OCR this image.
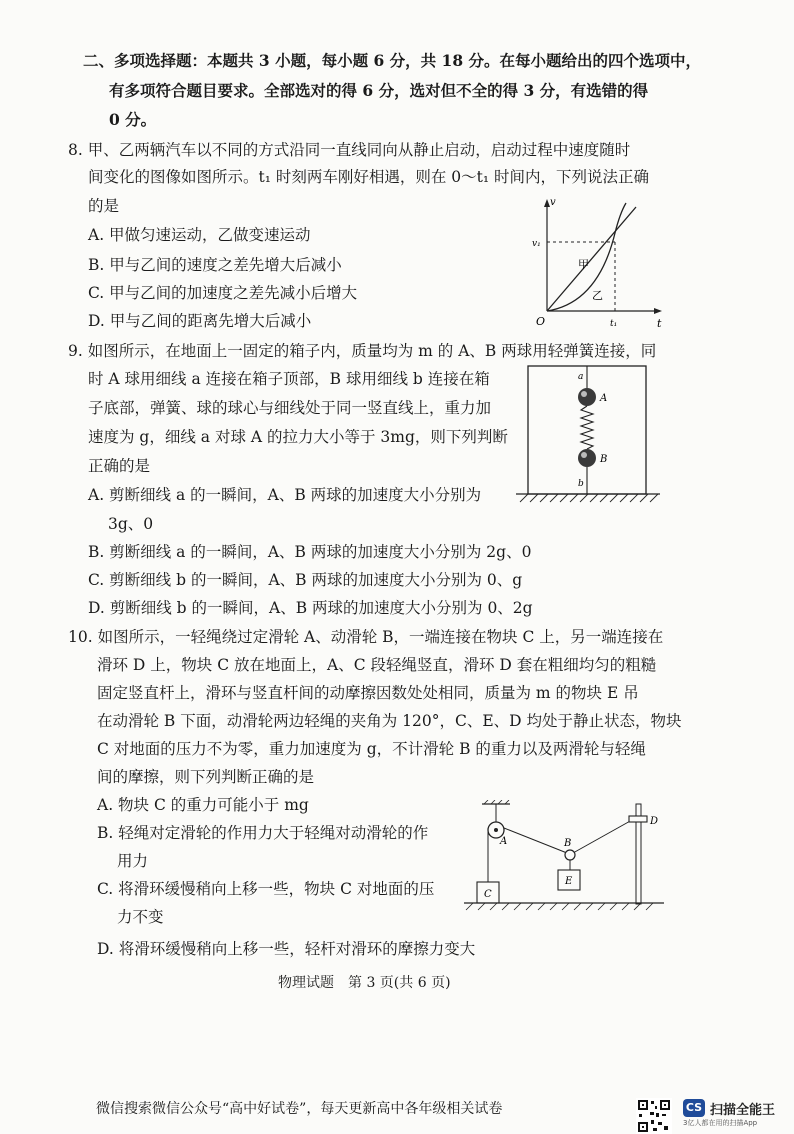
二、多项选择题：本题共 3 小题，每小题 6 分，共 18 分。在每小题给出的四个选项中，
有多项符合题目要求。全部选对的得 6 分，选对但不全的得 3 分，有选错的得
0 分。
8. 甲、乙两辆汽车以不同的方式沿同一直线同向从静止启动，启动过程中速度随时
间变化的图像如图所示。t₁ 时刻两车刚好相遇，则在 0～t₁ 时间内，下列说法正确
的是
A. 甲做匀速运动，乙做变速运动
B. 甲与乙间的速度之差先增大后减小
C. 甲与乙间的加速度之差先减小后增大
D. 甲与乙间的距离先增大后减小
v
t
O
v₁
t₁
甲
乙
9. 如图所示，在地面上一固定的箱子内，质量均为 m 的 A、B 两球用轻弹簧连接，同
时 A 球用细线 a 连接在箱子顶部，B 球用细线 b 连接在箱
子底部，弹簧、球的球心与细线处于同一竖直线上，重力加
速度为 g，细线 a 对球 A 的拉力大小等于 3mg，则下列判断
正确的是
A. 剪断细线 a 的一瞬间，A、B 两球的加速度大小分别为
3g、0
B. 剪断细线 a 的一瞬间，A、B 两球的加速度大小分别为 2g、0
C. 剪断细线 b 的一瞬间，A、B 两球的加速度大小分别为 0、g
D. 剪断细线 b 的一瞬间，A、B 两球的加速度大小分别为 0、2g
a
A
B
b
10. 如图所示，一轻绳绕过定滑轮 A、动滑轮 B，一端连接在物块 C 上，另一端连接在
滑环 D 上，物块 C 放在地面上，A、C 段轻绳竖直，滑环 D 套在粗细均匀的粗糙
固定竖直杆上，滑环与竖直杆间的动摩擦因数处处相同，质量为 m 的物块 E 吊
在动滑轮 B 下面，动滑轮两边轻绳的夹角为 120°，C、E、D 均处于静止状态，物块
C 对地面的压力不为零，重力加速度为 g，不计滑轮 B 的重力以及两滑轮与轻绳
间的摩擦，则下列判断正确的是
A. 物块 C 的重力可能小于 mg
B. 轻绳对定滑轮的作用力大于轻绳对动滑轮的作
用力
C. 将滑环缓慢稍向上移一些，物块 C 对地面的压
力不变
D. 将滑环缓慢稍向上移一些，轻杆对滑环的摩擦力变大
A	B
C
D
E
物理试题　第 3 页(共 6 页)
微信搜索微信公众号“高中好试卷”，每天更新高中各年级相关试卷	CS 扫描全能王
3亿人都在用的扫描App
